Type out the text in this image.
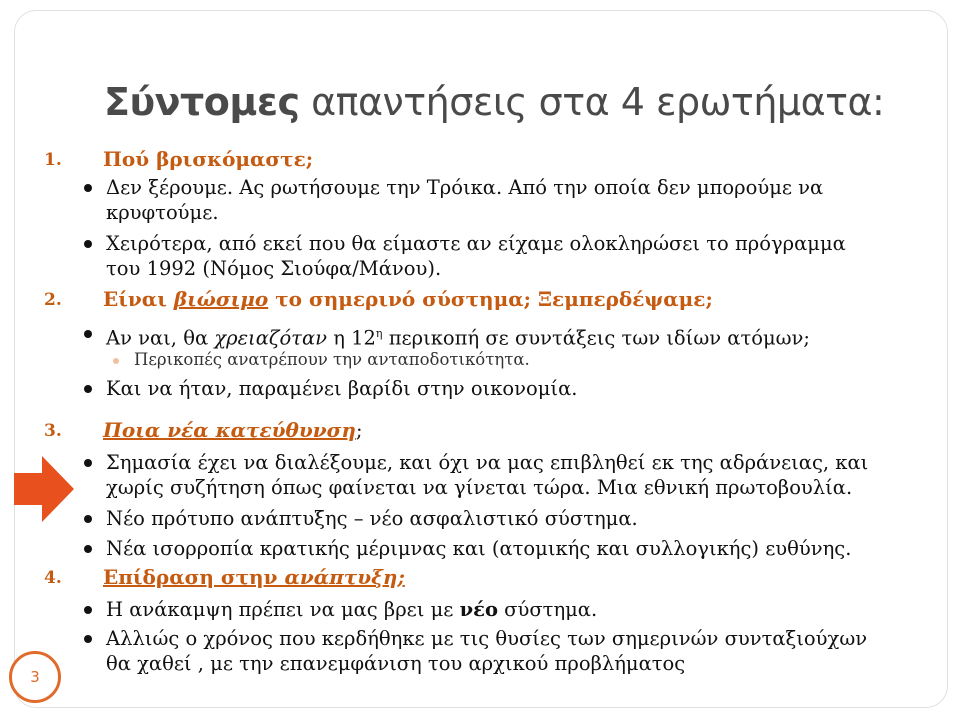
Σύντομες απαντήσεις στα 4 ερωτήματα:
1.	Πού βρισκόμαστε;
Δεν ξέρουμε. Ας ρωτήσουμε την Τρόικα. Από την οποία δεν μπορούμε να
κρυφτούμε.
Χειρότερα, από εκεί που θα είμαστε αν είχαμε ολοκληρώσει το πρόγραμμα
του 1992 (Νόμος Σιούφα/Μάνου).
2.	Είναι βιώσιμο το σημερινό σύστημα; Ξεμπερδέψαμε;
Αν ναι, θα χρειαζόταν η $12^\eta$ περικοπή σε συντάξεις των ιδίων ατόμων;
Περικοπές ανατρέπουν την ανταποδοτικότητα.
Και να ήταν, παραμένει βαρίδι στην οικονομία.
3.	Ποια νέα κατεύθυνση;
Σημασία έχει να διαλέξουμε, και όχι να μας επιβληθεί εκ της αδράνειας, και
χωρίς συζήτηση όπως φαίνεται να γίνεται τώρα. Μια εθνική πρωτοβουλία.
Νέο πρότυπο ανάπτυξης – νέο ασφαλιστικό σύστημα.
Νέα ισορροπία κρατικής μέριμνας και (ατομικής και συλλογικής) ευθύνης.
4.	Επίδραση στην ανάπτυξη;
Η ανάκαμψη πρέπει να μας βρει με νέο σύστημα.
Αλλιώς ο χρόνος που κερδήθηκε με τις θυσίες των σημερινών συνταξιούχων
θα χαθεί , με την επανεμφάνιση του αρχικού προβλήματος
3
